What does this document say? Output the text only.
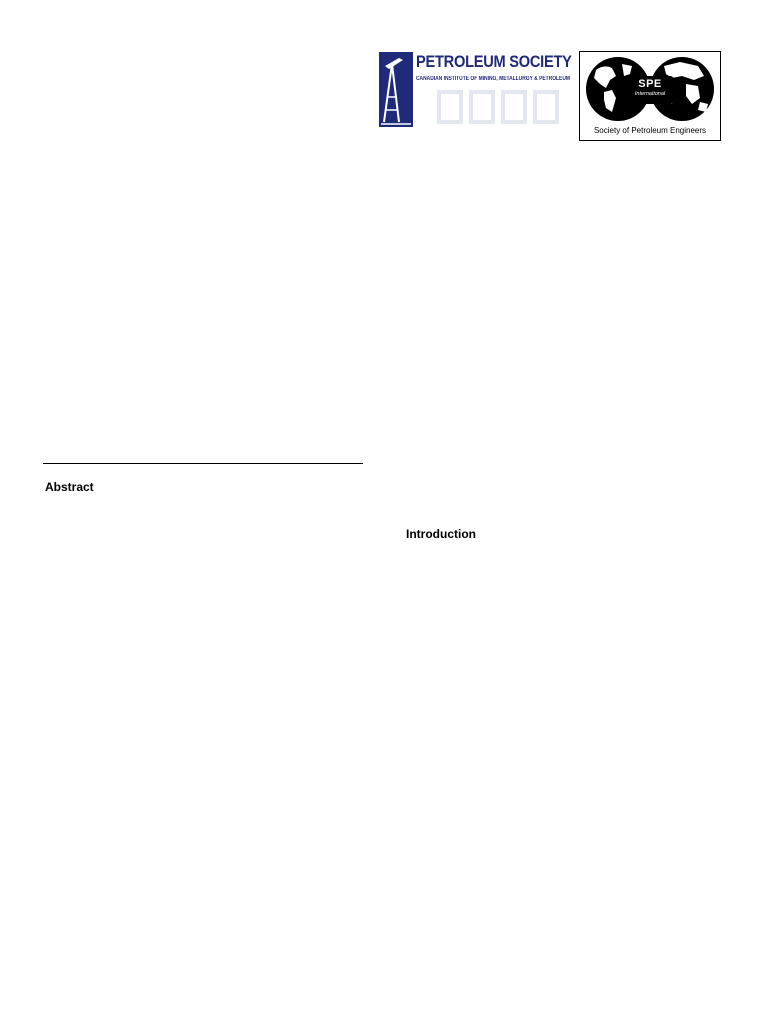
PETROLEUM SOCIETY
CANADIAN INSTITUTE OF MINING, METALLURGY & PETROLEUM	SPE
International
Society of Petroleum Engineers
Abstract
Introduction
